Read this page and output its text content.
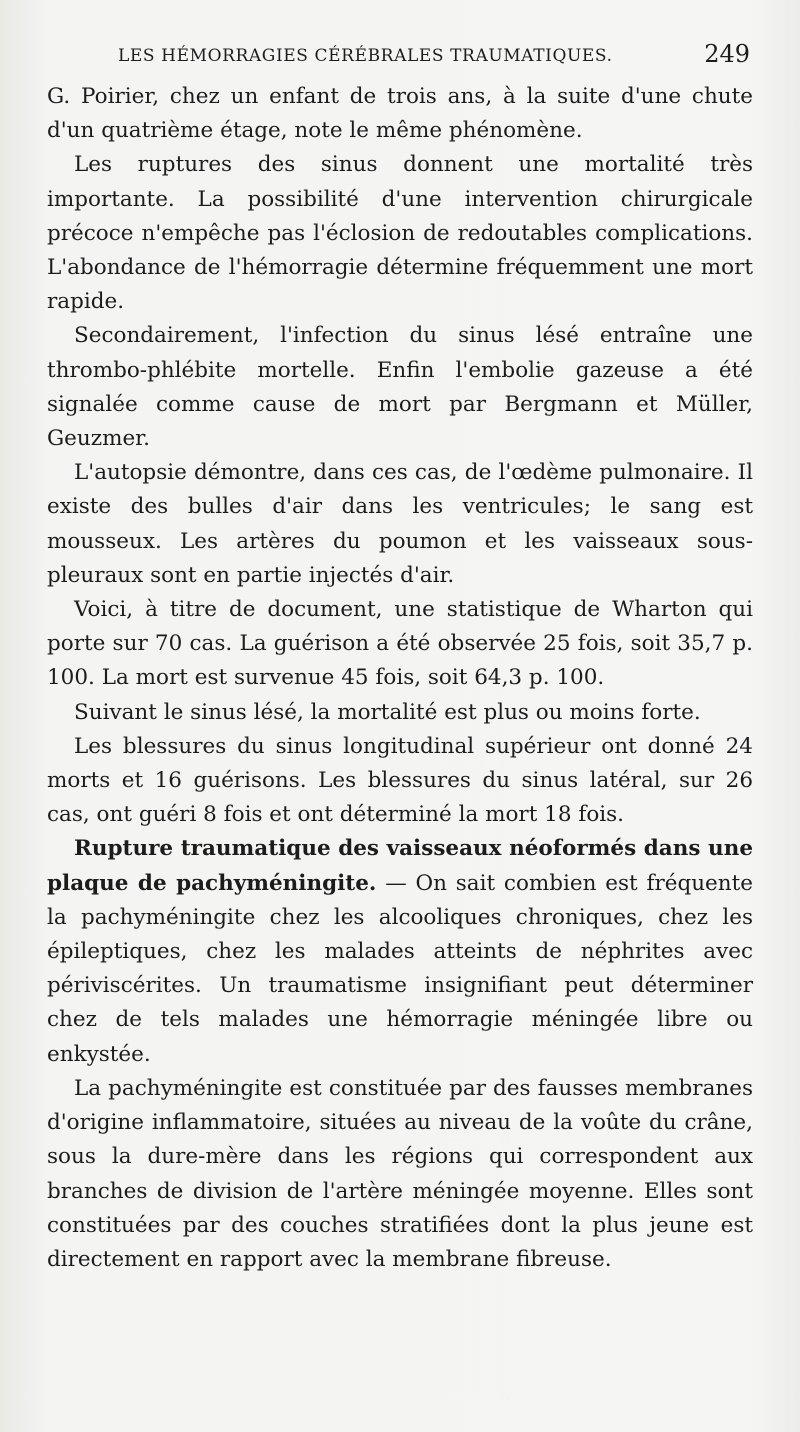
LES HÉMORRAGIES CÉRÉBRALES TRAUMATIQUES.	249

G. Poirier, chez un enfant de trois ans, à la suite d'une chute d'un quatrième étage, note le même phénomène.

Les ruptures des sinus donnent une mortalité très importante. La possibilité d'une intervention chirurgicale précoce n'empêche pas l'éclosion de redoutables complications. L'abondance de l'hémorragie détermine fréquemment une mort rapide.

Secondairement, l'infection du sinus lésé entraîne une thrombo-phlébite mortelle. Enfin l'embolie gazeuse a été signalée comme cause de mort par Bergmann et Müller, Geuzmer.

L'autopsie démontre, dans ces cas, de l'œdème pulmonaire. Il existe des bulles d'air dans les ventricules; le sang est mousseux. Les artères du poumon et les vaisseaux sous-pleuraux sont en partie injectés d'air.

Voici, à titre de document, une statistique de Wharton qui porte sur 70 cas. La guérison a été observée 25 fois, soit 35,7 p. 100. La mort est survenue 45 fois, soit 64,3 p. 100.

Suivant le sinus lésé, la mortalité est plus ou moins forte.

Les blessures du sinus longitudinal supérieur ont donné 24 morts et 16 guérisons. Les blessures du sinus latéral, sur 26 cas, ont guéri 8 fois et ont déterminé la mort 18 fois.

Rupture traumatique des vaisseaux néoformés dans une plaque de pachyméningite. — On sait combien est fréquente la pachyméningite chez les alcooliques chroniques, chez les épileptiques, chez les malades atteints de néphrites avec périviscérites. Un traumatisme insignifiant peut déterminer chez de tels malades une hémorragie méningée libre ou enkystée.

La pachyméningite est constituée par des fausses membranes d'origine inflammatoire, situées au niveau de la voûte du crâne, sous la dure-mère dans les régions qui correspondent aux branches de division de l'artère méningée moyenne. Elles sont constituées par des couches stratifiées dont la plus jeune est directement en rapport avec la membrane fibreuse.
